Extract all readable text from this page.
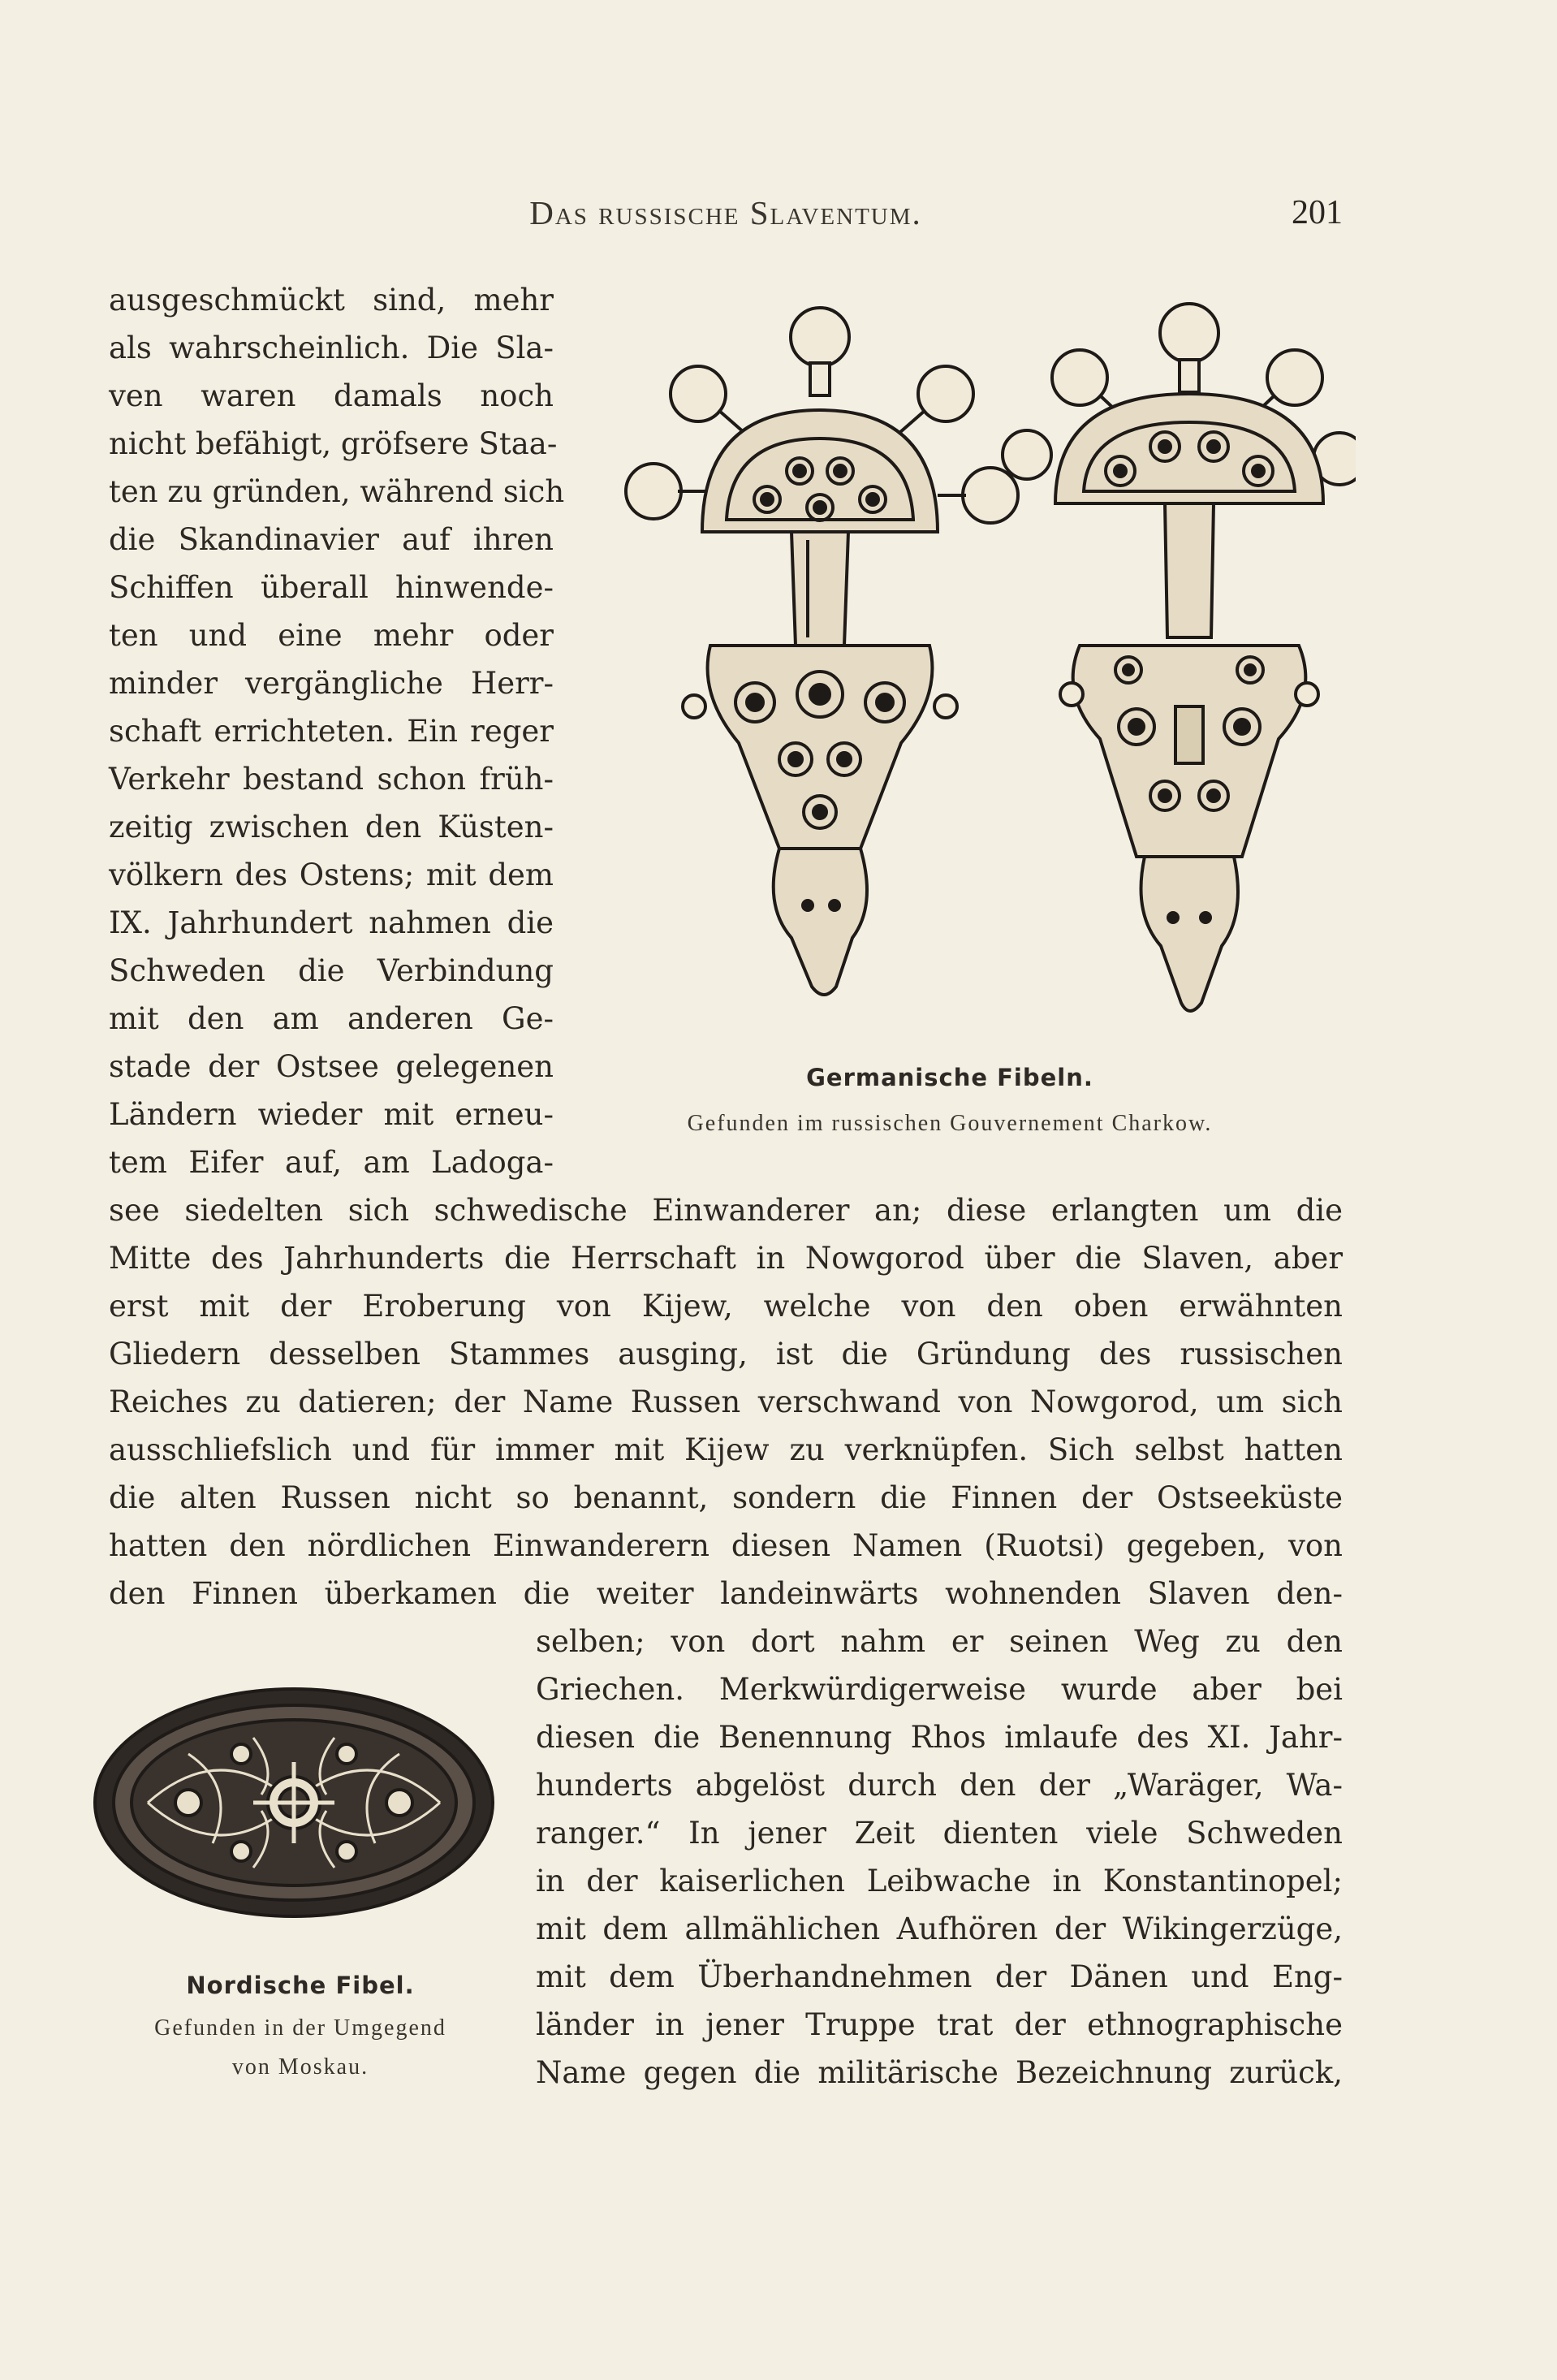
Das russische Slaventum.	201
Germanische Fibeln.
Gefunden im russischen Gouvernement Charkow.
Nordische Fibel.
Gefunden in der Umgegend
von Moskau.
ausgeschmückt sind, mehr
als wahrscheinlich. Die Sla-
ven waren damals noch
nicht befähigt, gröfsere Staa-
ten zu gründen, während sich
die Skandinavier auf ihren
Schiffen überall hinwende-
ten und eine mehr oder
minder vergängliche Herr-
schaft errichteten. Ein reger
Verkehr bestand schon früh-
zeitig zwischen den Küsten-
völkern des Ostens; mit dem
IX. Jahrhundert nahmen die
Schweden die Verbindung
mit den am anderen Ge-
stade der Ostsee gelegenen
Ländern wieder mit erneu-
tem Eifer auf, am Ladoga-
see siedelten sich schwedische Einwanderer an; diese erlangten um die
Mitte des Jahrhunderts die Herrschaft in Nowgorod über die Slaven, aber
erst mit der Eroberung von Kijew, welche von den oben erwähnten
Gliedern desselben Stammes ausging, ist die Gründung des russischen
Reiches zu datieren; der Name Russen verschwand von Nowgorod, um sich
ausschliefslich und für immer mit Kijew zu verknüpfen. Sich selbst hatten
die alten Russen nicht so benannt, sondern die Finnen der Ostseeküste
hatten den nördlichen Einwanderern diesen Namen (Ruotsi) gegeben, von
den Finnen überkamen die weiter landeinwärts wohnenden Slaven den-
selben; von dort nahm er seinen Weg zu den
Griechen. Merkwürdigerweise wurde aber bei
diesen die Benennung Rhos imlaufe des XI. Jahr-
hunderts abgelöst durch den der „Waräger, Wa-
ranger.“ In jener Zeit dienten viele Schweden
in der kaiserlichen Leibwache in Konstantinopel;
mit dem allmählichen Aufhören der Wikingerzüge,
mit dem Überhandnehmen der Dänen und Eng-
länder in jener Truppe trat der ethnographische
Name gegen die militärische Bezeichnung zurück,
